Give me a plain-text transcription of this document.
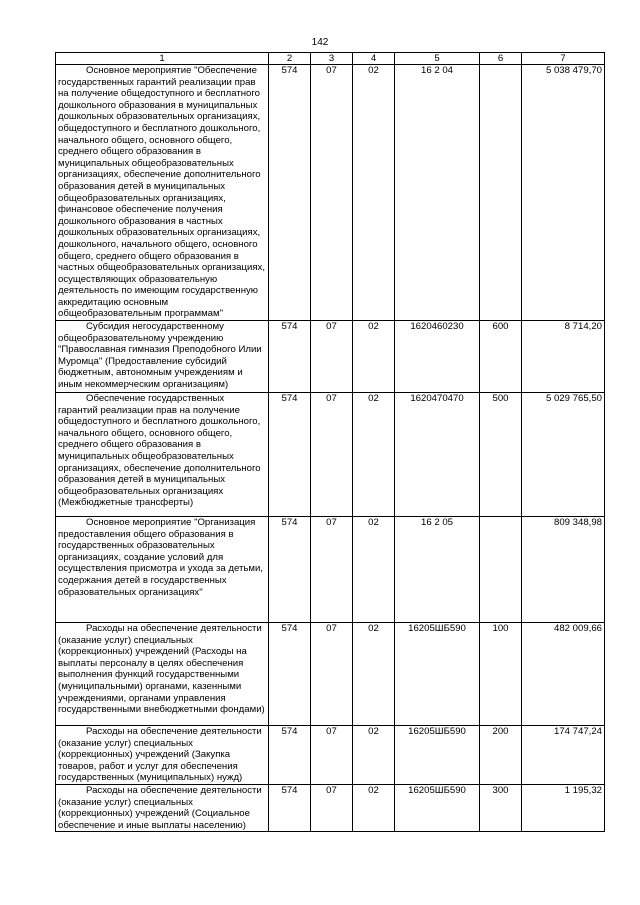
142
1	2	3	4	5	6	7
Основное мероприятие "Обеспечение государственных гарантий реализации прав на получение общедоступного и бесплатного дошкольного образования в муниципальных дошкольных образовательных организациях, общедоступного и бесплатного дошкольного, начального общего, основного общего, среднего общего образования в муниципальных общеобразовательных организациях, обеспечение дополнительного образования детей в муниципальных общеобразовательных организациях, финансовое обеспечение получения дошкольного образования в частных дошкольных образовательных организациях, дошкольного, начального общего, основного общего, среднего общего образования в частных общеобразовательных организациях, осуществляющих образовательную деятельность по имеющим государственную аккредитацию основным общеобразовательным программам"	574	07	02	16 2 04		5 038 479,70
Субсидия негосударственному общеобразовательному учреждению "Православная гимназия Преподобного Илии Муромца" (Предоставление субсидий бюджетным, автономным учреждениям и иным некоммерческим организациям)	574	07	02	1620460230	600	8 714,20
Обеспечение государственных гарантий реализации прав на получение общедоступного и бесплатного дошкольного, начального общего, основного общего, среднего общего образования в муниципальных общеобразовательных организациях, обеспечение дополнительного образования детей в муниципальных общеобразовательных организациях (Межбюджетные трансферты)	574	07	02	1620470470	500	5 029 765,50
Основное мероприятие "Организация предоставления общего образования в государственных образовательных организациях, создание условий для осуществления присмотра и ухода за детьми, содержания детей в государственных образовательных организациях"	574	07	02	16 2 05		809 348,98
Расходы на обеспечение деятельности (оказание услуг) специальных (коррекционных) учреждений (Расходы на выплаты персоналу в целях обеспечения выполнения функций государственными (муниципальными) органами, казенными учреждениями, органами управления государственными внебюджетными фондами)	574	07	02	16205ШБ590	100	482 009,66
Расходы на обеспечение деятельности (оказание услуг) специальных (коррекционных) учреждений (Закупка товаров, работ и услуг для обеспечения государственных (муниципальных) нужд)	574	07	02	16205ШБ590	200	174 747,24
Расходы на обеспечение деятельности (оказание услуг) специальных (коррекционных) учреждений (Социальное обеспечение и иные выплаты населению)	574	07	02	16205ШБ590	300	1 195,32
